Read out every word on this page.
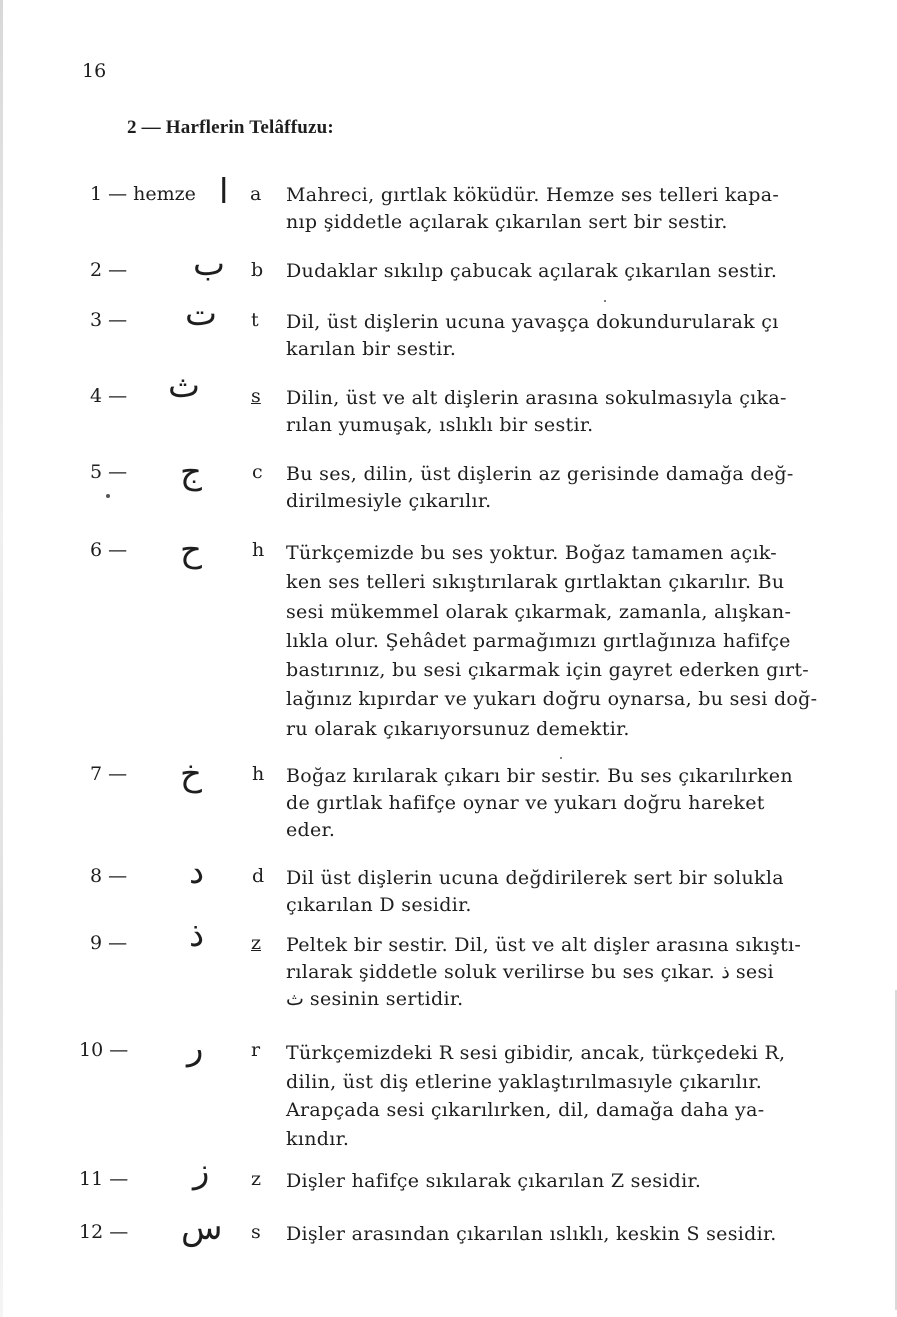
16
2 — Harflerin Telâffuzu:
1 — hemze ا a Mahreci, gırtlak köküdür. Hemze ses telleri kapa-
nıp şiddetle açılarak çıkarılan sert bir sestir.
2 — ب b Dudaklar sıkılıp çabucak açılarak çıkarılan sestir.
3 — ت t Dil, üst dişlerin ucuna yavaşça dokundurularak çı
karılan bir sestir.
4 — ث	s Dilin, üst ve alt dişlerin arasına sokulmasıyla çıka-
rılan yumuşak, ıslıklı bir sestir.
5 — ج	c Bu ses, dilin, üst dişlerin az gerisinde damağa değ-
dirilmesiyle çıkarılır.
6 — ح	h Türkçemizde bu ses yoktur. Boğaz tamamen açık-
ken ses telleri sıkıştırılarak gırtlaktan çıkarılır. Bu
sesi mükemmel olarak çıkarmak, zamanla, alışkan-
lıkla olur. Şehâdet parmağımızı gırtlağınıza hafifçe
bastırınız, bu sesi çıkarmak için gayret ederken gırt-
lağınız kıpırdar ve yukarı doğru oynarsa, bu sesi doğ-
ru olarak çıkarıyorsunuz demektir.
7 — خ	h Boğaz kırılarak çıkarı bir sestir. Bu ses çıkarılırken
de gırtlak hafifçe oynar ve yukarı doğru hareket
eder.
8 — د	d Dil üst dişlerin ucuna değdirilerek sert bir solukla
çıkarılan D sesidir.
9 — ذ z Peltek bir sestir. Dil, üst ve alt dişler arasına sıkıştı-
rılarak şiddetle soluk verilirse bu ses çıkar. ذ sesi
ث sesinin sertidir.
10 — ر	r Türkçemizdeki R sesi gibidir, ancak, türkçedeki R,
dilin, üst diş etlerine yaklaştırılmasıyle çıkarılır.
Arapçada sesi çıkarılırken, dil, damağa daha ya-
kındır.
11 — ز z Dişler hafifçe sıkılarak çıkarılan Z sesidir.
12 — س s Dişler arasından çıkarılan ıslıklı, keskin S sesidir.
